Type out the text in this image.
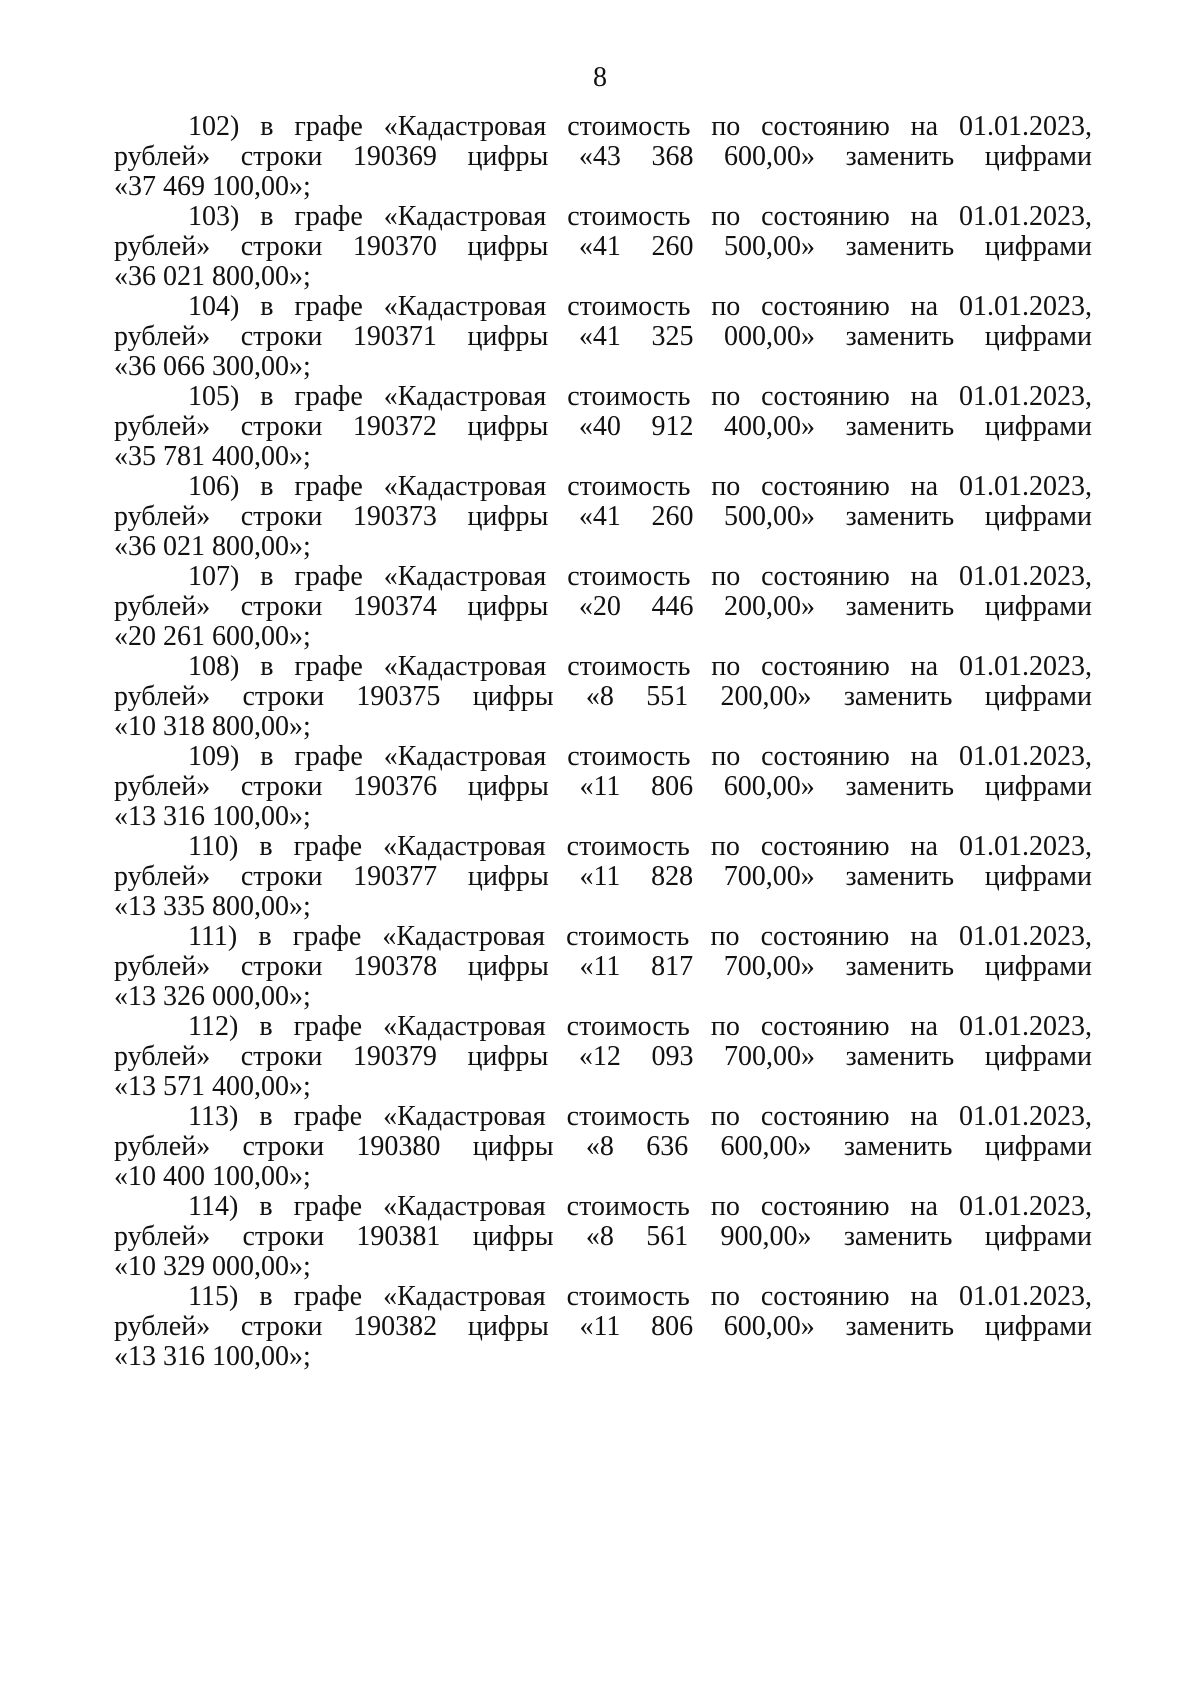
8

102) в графе «Кадастровая стоимость по состоянию на 01.01.2023,
рублей» строки 190369 цифры «43 368 600,00» заменить цифрами
«37 469 100,00»;

103) в графе «Кадастровая стоимость по состоянию на 01.01.2023,
рублей» строки 190370 цифры «41 260 500,00» заменить цифрами
«36 021 800,00»;

104) в графе «Кадастровая стоимость по состоянию на 01.01.2023,
рублей» строки 190371 цифры «41 325 000,00» заменить цифрами
«36 066 300,00»;

105) в графе «Кадастровая стоимость по состоянию на 01.01.2023,
рублей» строки 190372 цифры «40 912 400,00» заменить цифрами
«35 781 400,00»;

106) в графе «Кадастровая стоимость по состоянию на 01.01.2023,
рублей» строки 190373 цифры «41 260 500,00» заменить цифрами
«36 021 800,00»;

107) в графе «Кадастровая стоимость по состоянию на 01.01.2023,
рублей» строки 190374 цифры «20 446 200,00» заменить цифрами
«20 261 600,00»;

108) в графе «Кадастровая стоимость по состоянию на 01.01.2023,
рублей» строки 190375 цифры «8 551 200,00» заменить цифрами
«10 318 800,00»;

109) в графе «Кадастровая стоимость по состоянию на 01.01.2023,
рублей» строки 190376 цифры «11 806 600,00» заменить цифрами
«13 316 100,00»;

110) в графе «Кадастровая стоимость по состоянию на 01.01.2023,
рублей» строки 190377 цифры «11 828 700,00» заменить цифрами
«13 335 800,00»;

111) в графе «Кадастровая стоимость по состоянию на 01.01.2023,
рублей» строки 190378 цифры «11 817 700,00» заменить цифрами
«13 326 000,00»;

112) в графе «Кадастровая стоимость по состоянию на 01.01.2023,
рублей» строки 190379 цифры «12 093 700,00» заменить цифрами
«13 571 400,00»;

113) в графе «Кадастровая стоимость по состоянию на 01.01.2023,
рублей» строки 190380 цифры «8 636 600,00» заменить цифрами
«10 400 100,00»;

114) в графе «Кадастровая стоимость по состоянию на 01.01.2023,
рублей» строки 190381 цифры «8 561 900,00» заменить цифрами
«10 329 000,00»;

115) в графе «Кадастровая стоимость по состоянию на 01.01.2023,
рублей» строки 190382 цифры «11 806 600,00» заменить цифрами
«13 316 100,00»;
